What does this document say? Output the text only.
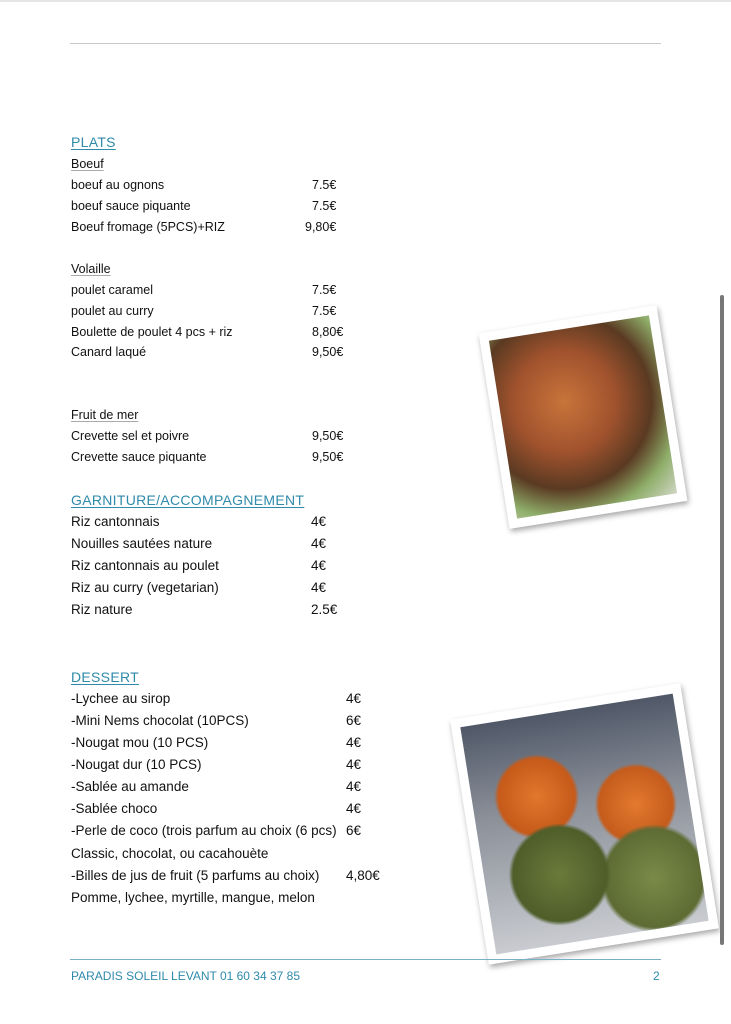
PLATS
Boeuf
boeuf au ognons	7.5€
boeuf sauce piquante	7.5€
Boeuf fromage (5PCS)+RIZ	9,80€
Volaille
poulet caramel	7.5€
poulet au curry	7.5€
Boulette de poulet 4 pcs + riz	8,80€
Canard laqué	9,50€
Fruit de mer
Crevette sel et poivre	9,50€
Crevette sauce piquante	9,50€
GARNITURE/ACCOMPAGNEMENT
Riz cantonnais	4€
Nouilles sautées nature	4€
Riz cantonnais au poulet	4€
Riz au curry (vegetarian)	4€
Riz nature	2.5€
DESSERT
-Lychee au sirop	4€
-Mini Nems chocolat (10PCS)	6€
-Nougat mou (10 PCS)	4€
-Nougat dur (10 PCS)	4€
-Sablée au amande	4€
-Sablée choco	4€
-Perle de coco (trois parfum au choix (6 pcs) 6€
Classic, chocolat, ou cacahouète
-Billes de jus de fruit (5 parfums au choix) 4,80€
Pomme, lychee, myrtille, mangue, melon
PARADIS SOLEIL LEVANT 01 60 34 37 85	2
